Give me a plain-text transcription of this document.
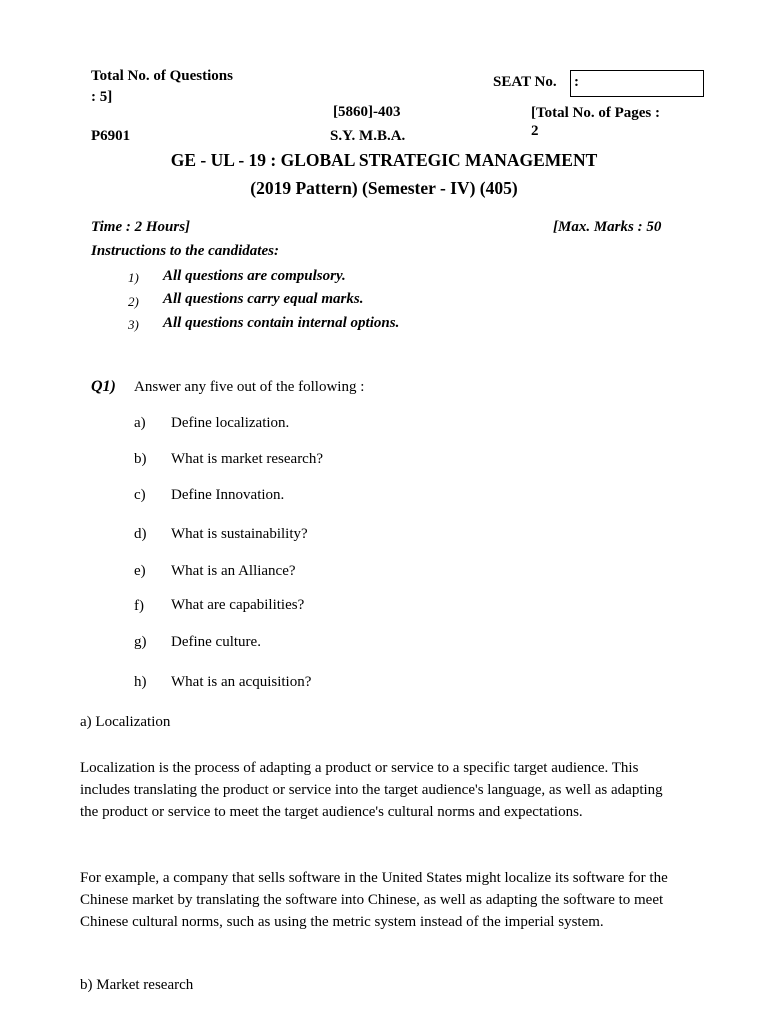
Total No. of Questions
: 5]
SEAT No. :
[5860]-403	[Total No. of Pages :
2
P6901	S.Y. M.B.A.
GE - UL - 19 : GLOBAL STRATEGIC MANAGEMENT
(2019 Pattern) (Semester - IV) (405)
Time : 2 Hours]	[Max. Marks : 50
Instructions to the candidates:
1) All questions are compulsory.
2) All questions carry equal marks.
3) All questions contain internal options.
Q1) Answer any five out of the following :
a) Define localization.
b) What is market research?
c) Define Innovation.
d) What is sustainability?
e) What is an Alliance?
f) What are capabilities?
g) Define culture.
h) What is an acquisition?
a) Localization
Localization is the process of adapting a product or service to a specific target audience. This includes translating the product or service into the target audience's language, as well as adapting the product or service to meet the target audience's cultural norms and expectations.
For example, a company that sells software in the United States might localize its software for the Chinese market by translating the software into Chinese, as well as adapting the software to meet Chinese cultural norms, such as using the metric system instead of the imperial system.
b) Market research
